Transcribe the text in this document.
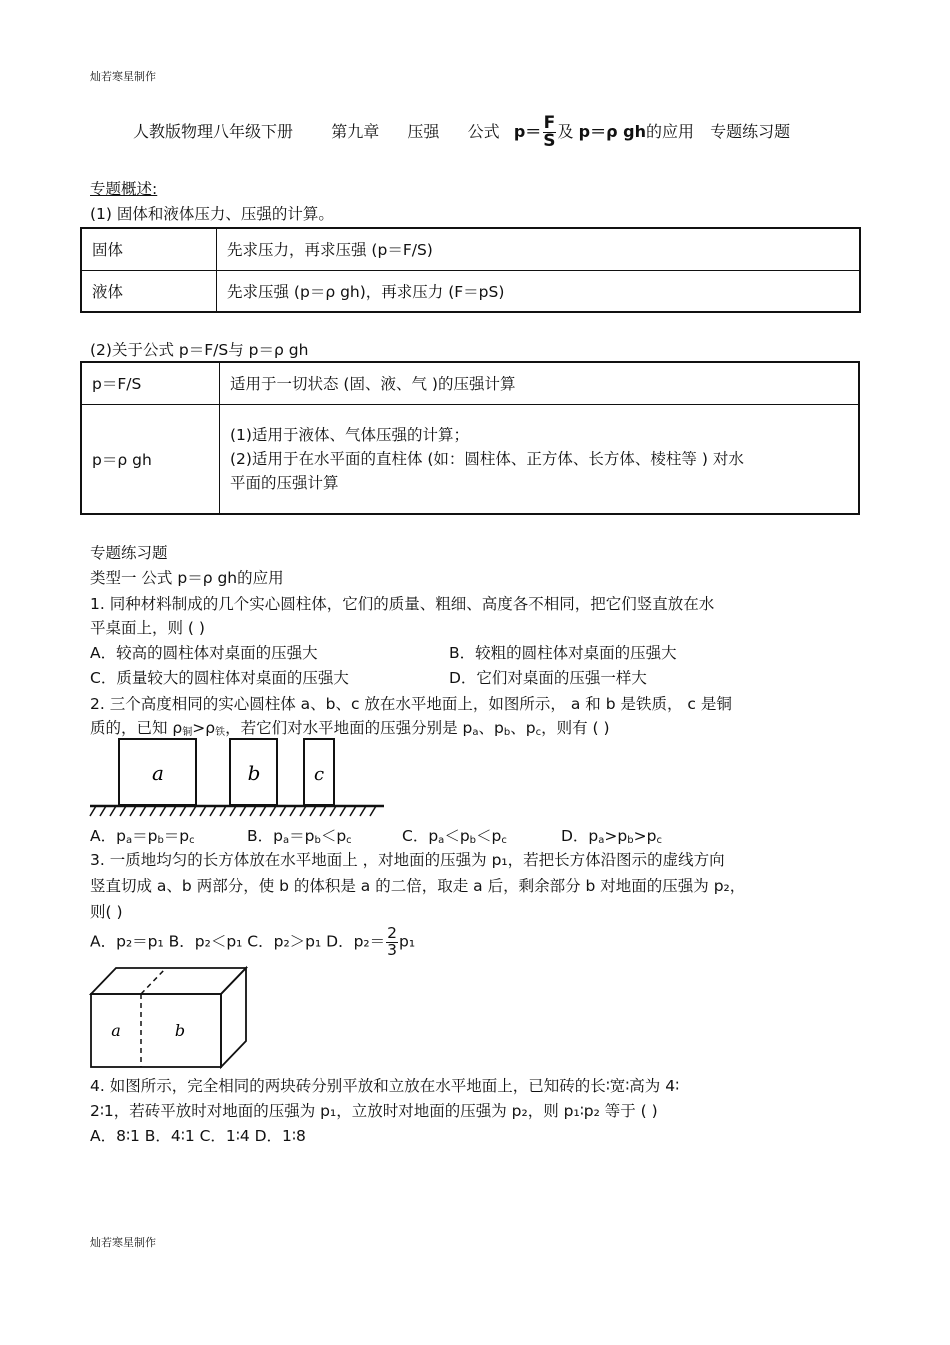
灿若寒星制作
人教版物理八年级下册 第九章 压强 公式 $p= \frac{F}{S}$ 及 p＝ρ gh的应用 专题练习题
专题概述:
(1) 固体和液体压力、压强的计算。
固体	先求压力，再求压强 (p＝F/S)
液体	先求压强 (p＝ρ gh)，再求压力 (F＝pS)
(2)关于公式 p＝F/S与 p＝ρ gh
p＝F/S	适用于一切状态 (固、液、气 )的压强计算
p＝ρ gh	(1)适用于液体、气体压强的计算；
(2)适用于在水平面的直柱体 (如：圆柱体、正方体、长方体、棱柱等 ) 对水
平面的压强计算
专题练习题
类型一 公式 p＝ρ gh的应用
1. 同种材料制成的几个实心圆柱体，它们的质量、粗细、高度各不相同，把它们竖直放在水
平桌面上，则 ( )
A．较高的圆柱体对桌面的压强大	B．较粗的圆柱体对桌面的压强大
C．质量较大的圆柱体对桌面的压强大	D．它们对桌面的压强一样大
2. 三个高度相同的实心圆柱体 a、b、c 放在水平地面上，如图所示， a 和 b 是铁质， c 是铜
质的，已知 $\rho_铜>\rho_铁$，若它们对水平地面的压强分别是 $p_a$、$p_b$、$p_c$，则有 ( )
a	b	c
A．$p_a=p_b=p_c$	B．$p_a=p_b<p_c$	C．$p_a<p_b<p_c$	D．$p_a>p_b>p_c$
3. 一质地均匀的长方体放在水平地面上 ，对地面的压强为 p₁，若把长方体沿图示的虚线方向
竖直切成 a、b 两部分，使 b 的体积是 a 的二倍，取走 a 后，剩余部分 b 对地面的压强为 p₂，
则( )
A．p₂＝p₁ B．p₂＜p₁ C．p₂＞p₁ D．$p_2= \frac{2}{3} p_1$
a	b
4. 如图所示，完全相同的两块砖分别平放和立放在水平地面上，已知砖的长∶宽∶高为 4∶
2∶1，若砖平放时对地面的压强为 p₁，立放时对地面的压强为 p₂，则 p₁∶p₂ 等于 ( )
A．8∶1 B．4∶1 C．1∶4 D．1∶8
灿若寒星制作
